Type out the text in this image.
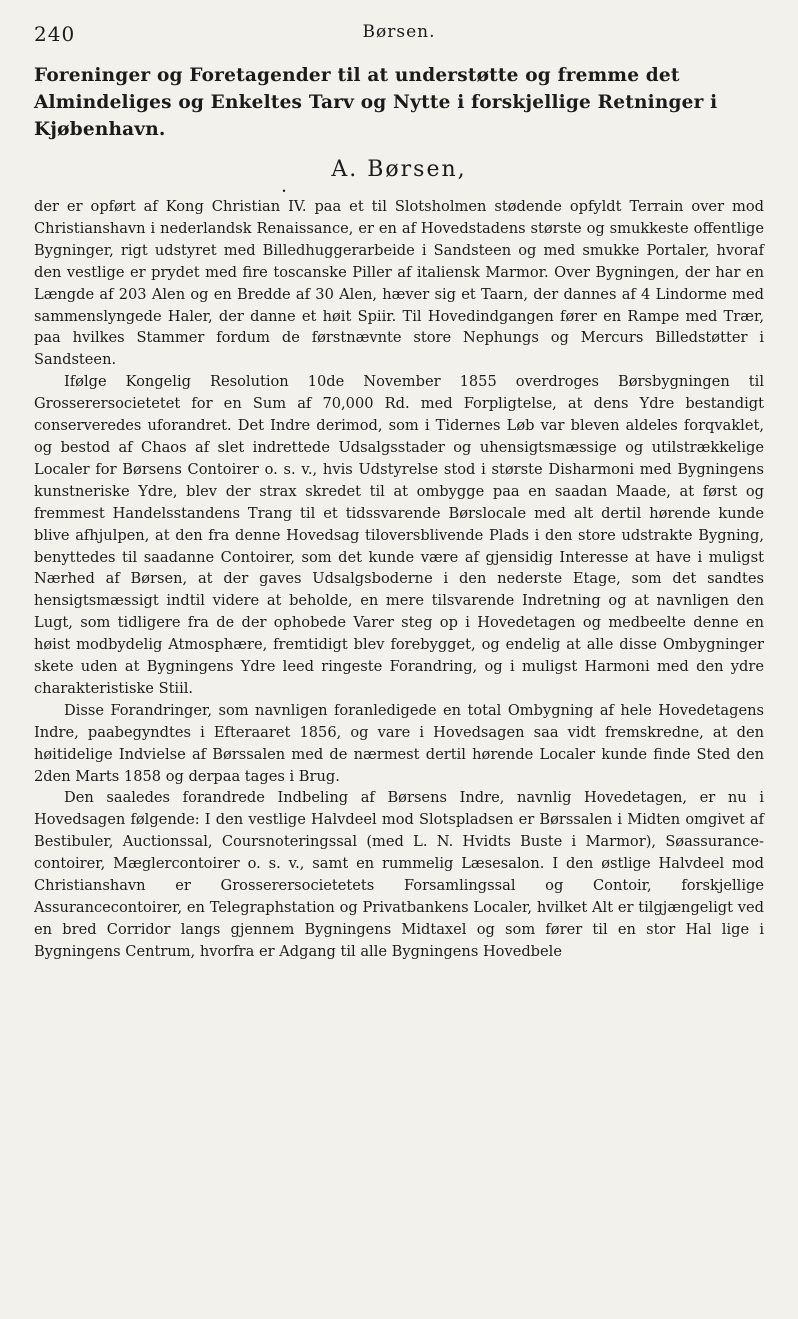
240	Børsen.
Foreninger og Foretagender til at understøtte og fremme det Almindeliges og Enkeltes Tarv og Nytte i forskjellige Retninger i Kjøbenhavn.
A. Børsen,
•

der er opført af Kong Christian IV. paa et til Slotsholmen stødende opfyldt Terrain over mod Christianshavn i nederlandsk Renaissance, er en af Hovedstadens største og smukkeste offentlige Bygninger, rigt udstyret med Billedhuggerarbeide i Sandsteen og med smukke Portaler, hvoraf den vestlige er prydet med fire toscanske Piller af italiensk Marmor. Over Bygningen, der har en Længde af 203 Alen og en Bredde af 30 Alen, hæver sig et Taarn, der dannes af 4 Lindorme med sammenslyngede Haler, der danne et høit Spiir. Til Hovedindgangen fører en Rampe med Trær, paa hvilkes Stammer fordum de førstnævnte store Nephungs og Mercurs Billedstøtter i Sandsteen.

Ifølge Kongelig Resolution 10de November 1855 overdroges Børsbygningen til Grosserersocietetet for en Sum af 70,000 Rd. med Forpligtelse, at dens Ydre bestandigt conserveredes uforandret. Det Indre derimod, som i Tidernes Løb var bleven aldeles forqvaklet, og bestod af Chaos af slet indrettede Udsalgsstader og uhensigtsmæssige og utilstrækkelige Localer for Børsens Contoirer o. s. v., hvis Udstyrelse stod i største Disharmoni med Bygningens kunstneriske Ydre, blev der strax skredet til at ombygge paa en saadan Maade, at først og fremmest Handelsstandens Trang til et tidssvarende Børslocale med alt dertil hørende kunde blive afhjulpen, at den fra denne Hovedsag tiloversblivende Plads i den store udstrakte Bygning, benyttedes til saadanne Contoirer, som det kunde være af gjensidig Interesse at have i muligst Nærhed af Børsen, at der gaves Udsalgsboderne i den nederste Etage, som det sandtes hensigtsmæssigt indtil videre at beholde, en mere tilsvarende Indretning og at navnligen den Lugt, som tidligere fra de der ophobede Varer steg op i Hovedetagen og medbeelte denne en høist modbydelig Atmosphære, fremtidigt blev forebygget, og endelig at alle disse Ombygninger skete uden at Bygningens Ydre leed ringeste Forandring, og i muligst Harmoni med den ydre charakteristiske Stiil.

Disse Forandringer, som navnligen foranledigede en total Ombygning af hele Hovedetagens Indre, paabegyndtes i Efteraaret 1856, og vare i Hovedsagen saa vidt fremskredne, at den høitidelige Indvielse af Børssalen med de nærmest dertil hørende Localer kunde finde Sted den 2den Marts 1858 og derpaa tages i Brug.

Den saaledes forandrede Indbeling af Børsens Indre, navnlig Hovedetagen, er nu i Hovedsagen følgende: I den vestlige Halvdeel mod Slotspladsen er Børssalen i Midten omgivet af Bestibuler, Auctionssal, Coursnoteringssal (med L. N. Hvidts Buste i Marmor), Søassurance-contoirer, Mæglercontoirer o. s. v., samt en rummelig Læsesalon. I den østlige Halvdeel mod Christianshavn er Grosserersocietetets Forsamlingssal og Contoir, forskjellige Assurancecontoirer, en Telegraphstation og Privatbankens Localer, hvilket Alt er tilgjængeligt ved en bred Corridor langs gjennem Bygningens Midtaxel og som fører til en stor Hal lige i Bygningens Centrum, hvorfra er Adgang til alle Bygningens Hovedbele
